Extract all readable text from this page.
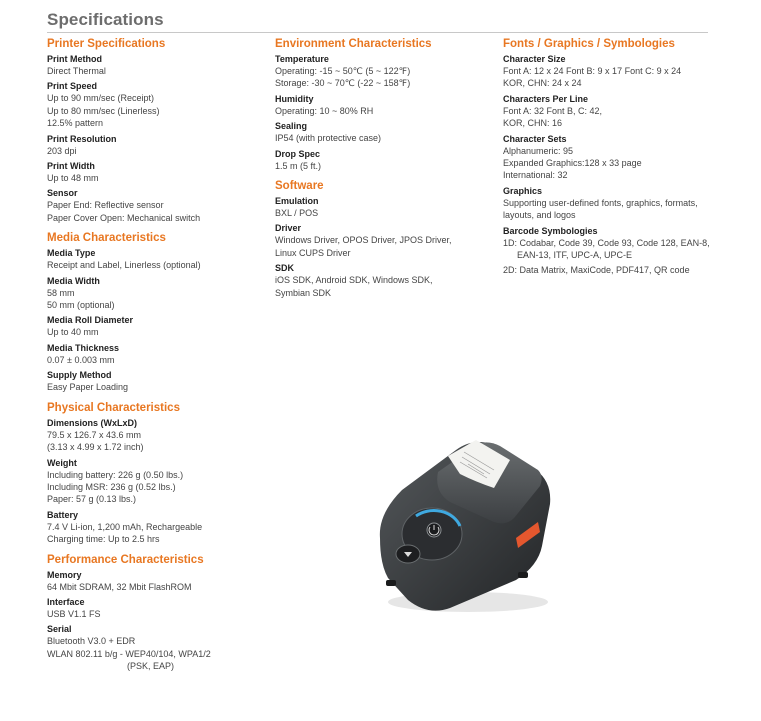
Specifications
Printer Specifications
Print Method
Direct Thermal
Print Speed
Up to 90 mm/sec (Receipt)
Up to 80 mm/sec (Linerless)
12.5% pattern
Print Resolution
203 dpi
Print Width
Up to 48 mm
Sensor
Paper End: Reflective sensor
Paper Cover Open: Mechanical switch
Media Characteristics
Media Type
Receipt and Label, Linerless (optional)
Media Width
58 mm
50 mm (optional)
Media Roll Diameter
Up to 40 mm
Media Thickness
0.07 ± 0.003 mm
Supply Method
Easy Paper Loading
Physical Characteristics
Dimensions (WxLxD)
79.5 x 126.7 x 43.6 mm
(3.13 x 4.99 x 1.72 inch)
Weight
Including battery: 226 g (0.50 lbs.)
Including MSR: 236 g (0.52 lbs.)
Paper: 57 g (0.13 lbs.)
Battery
7.4 V Li-ion, 1,200 mAh, Rechargeable
Charging time: Up to 2.5 hrs
Performance Characteristics
Memory
64 Mbit SDRAM, 32 Mbit FlashROM
Interface
USB V1.1 FS
Serial
Bluetooth V3.0 + EDR
WLAN 802.11 b/g - WEP40/104, WPA1/2
(PSK, EAP)
Environment Characteristics
Temperature
Operating: -15 ~ 50℃ (5 ~ 122℉)
Storage: -30 ~ 70℃ (-22 ~ 158℉)
Humidity
Operating: 10 ~ 80% RH
Sealing
IP54 (with protective case)
Drop Spec
1.5 m (5 ft.)
Software
Emulation
BXL / POS
Driver
Windows Driver, OPOS Driver, JPOS Driver,
Linux CUPS Driver
SDK
iOS SDK, Android SDK, Windows SDK,
Symbian SDK
Fonts / Graphics / Symbologies
Character Size
Font A: 12 x 24 Font B: 9 x 17 Font C: 9 x 24
KOR, CHN: 24 x 24
Characters Per Line
Font A: 32 Font B, C: 42,
KOR, CHN: 16
Character Sets
Alphanumeric: 95
Expanded Graphics:128 x 33 page
International: 32
Graphics
Supporting user-defined fonts, graphics, formats,
layouts, and logos
Barcode Symbologies
1D: Codabar, Code 39, Code 93, Code 128, EAN-8, EAN-13, ITF, UPC-A, UPC-E
2D: Data Matrix, MaxiCode, PDF417, QR code
